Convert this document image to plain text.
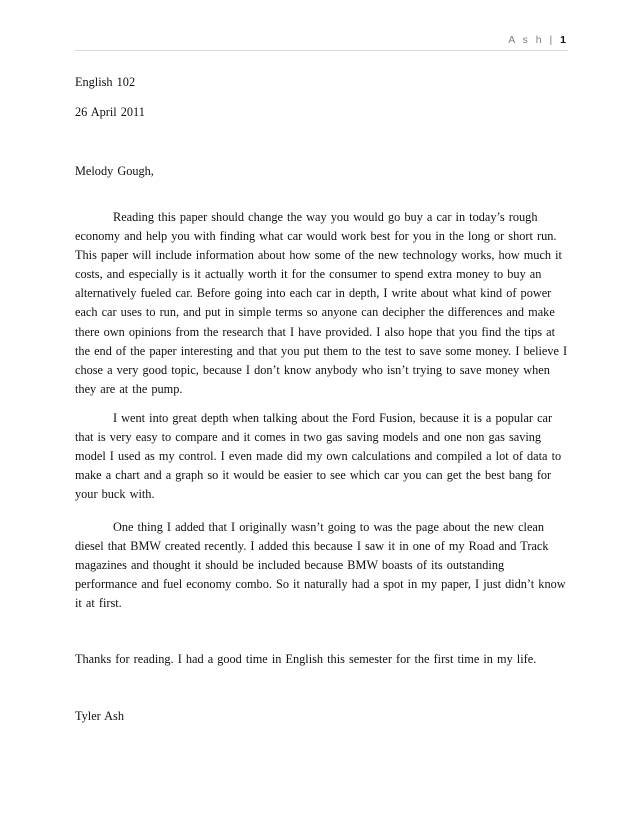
A s h | 1
English 102
26 April 2011
Melody Gough,
Reading this paper should change the way you would go buy a car in today’s rough
economy and help you with finding what car would work best for you in the long or short run.
This paper will include information about how some of the new technology works, how much it
costs, and especially is it actually worth it for the consumer to spend extra money to buy an
alternatively fueled car. Before going into each car in depth, I write about what kind of power
each car uses to run, and put in simple terms so anyone can decipher the differences and make
there own opinions from the research that I have provided. I also hope that you find the tips at
the end of the paper interesting and that you put them to the test to save some money. I believe I
chose a very good topic, because I don’t know anybody who isn’t trying to save money when
they are at the pump.
I went into great depth when talking about the Ford Fusion, because it is a popular car
that is very easy to compare and it comes in two gas saving models and one non gas saving
model I used as my control. I even made did my own calculations and compiled a lot of data to
make a chart and a graph so it would be easier to see which car you can get the best bang for
your buck with.
One thing I added that I originally wasn’t going to was the page about the new clean
diesel that BMW created recently. I added this because I saw it in one of my Road and Track
magazines and thought it should be included because BMW boasts of its outstanding
performance and fuel economy combo. So it naturally had a spot in my paper, I just didn’t know
it at first.
Thanks for reading. I had a good time in English this semester for the first time in my life.
Tyler Ash
